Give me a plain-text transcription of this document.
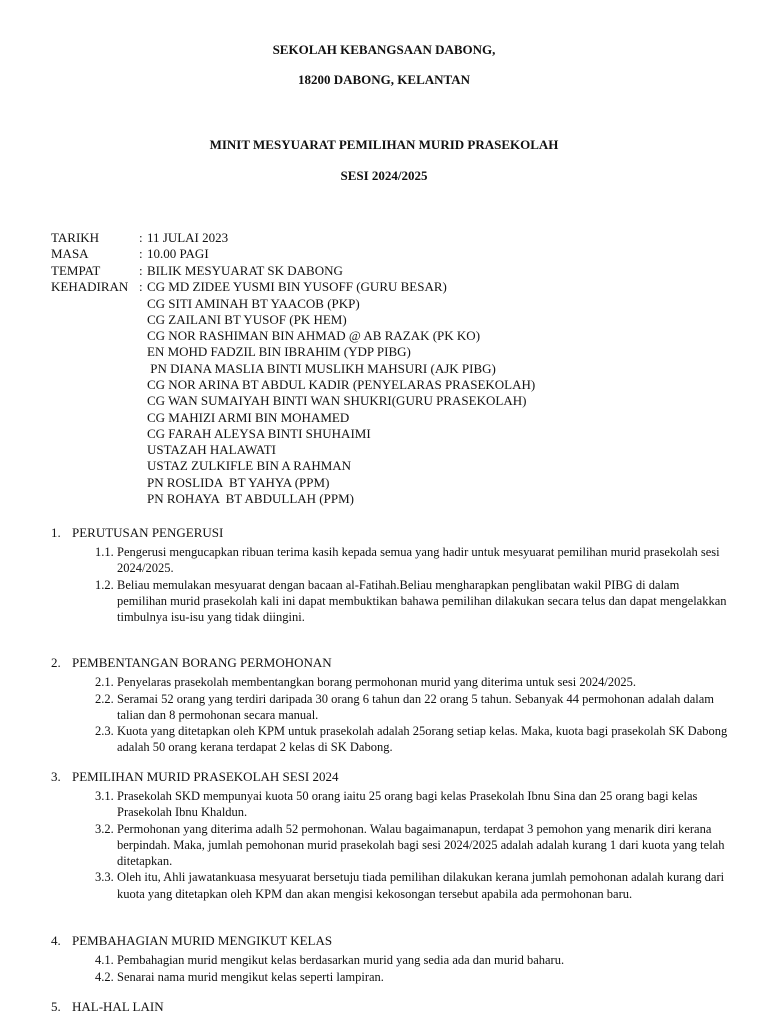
SEKOLAH KEBANGSAAN DABONG,
18200 DABONG, KELANTAN
MINIT MESYUARAT PEMILIHAN MURID PRASEKOLAH
SESI 2024/2025
TARIKH	: 11 JULAI 2023
MASA	: 10.00 PAGI
TEMPAT	: BILIK MESYUARAT SK DABONG
KEHADIRAN : CG MD ZIDEE YUSMI BIN YUSOFF (GURU BESAR)
CG SITI AMINAH BT YAACOB (PKP)
CG ZAILANI BT YUSOF (PK HEM)
CG NOR RASHIMAN BIN AHMAD @ AB RAZAK (PK KO)
EN MOHD FADZIL BIN IBRAHIM (YDP PIBG)
PN DIANA MASLIA BINTI MUSLIKH MAHSURI (AJK PIBG)
CG NOR ARINA BT ABDUL KADIR (PENYELARAS PRASEKOLAH)
CG WAN SUMAIYAH BINTI WAN SHUKRI(GURU PRASEKOLAH)
CG MAHIZI ARMI BIN MOHAMED
CG FARAH ALEYSA BINTI SHUHAIMI
USTAZAH HALAWATI
USTAZ ZULKIFLE BIN A RAHMAN
PN ROSLIDA  BT YAHYA (PPM)
PN ROHAYA  BT ABDULLAH (PPM)
1. PERUTUSAN PENGERUSI
1.1. Pengerusi mengucapkan ribuan terima kasih kepada semua yang hadir untuk mesyuarat pemilihan murid prasekolah sesi 2024/2025.
1.2. Beliau memulakan mesyuarat dengan bacaan al-Fatihah.Beliau mengharapkan penglibatan wakil PIBG di dalam pemilihan murid prasekolah kali ini dapat membuktikan bahawa pemilihan dilakukan secara telus dan dapat mengelakkan timbulnya isu-isu yang tidak diingini.
2. PEMBENTANGAN BORANG PERMOHONAN
2.1. Penyelaras prasekolah membentangkan borang permohonan murid yang diterima untuk sesi 2024/2025.
2.2. Seramai 52 orang yang terdiri daripada 30 orang 6 tahun dan 22 orang 5 tahun. Sebanyak 44 permohonan adalah dalam talian dan 8 permohonan secara manual.
2.3. Kuota yang ditetapkan oleh KPM untuk prasekolah adalah 25orang setiap kelas. Maka, kuota bagi prasekolah SK Dabong adalah 50 orang kerana terdapat 2 kelas di SK Dabong.
3. PEMILIHAN MURID PRASEKOLAH SESI 2024
3.1. Prasekolah SKD mempunyai kuota 50 orang iaitu 25 orang bagi kelas Prasekolah Ibnu Sina dan 25 orang bagi kelas Prasekolah Ibnu Khaldun.
3.2. Permohonan yang diterima adalh 52 permohonan. Walau bagaimanapun, terdapat 3 pemohon yang menarik diri kerana berpindah. Maka, jumlah pemohonan murid prasekolah bagi sesi 2024/2025 adalah adalah kurang 1 dari kuota yang telah ditetapkan.
3.3. Oleh itu, Ahli jawatankuasa mesyuarat bersetuju tiada pemilihan dilakukan kerana jumlah pemohonan adalah kurang dari kuota yang ditetapkan oleh KPM dan akan mengisi kekosongan tersebut apabila ada permohonan baru.
4. PEMBAHAGIAN MURID MENGIKUT KELAS
4.1. Pembahagian murid mengikut kelas berdasarkan murid yang sedia ada dan murid baharu.
4.2. Senarai nama murid mengikut kelas seperti lampiran.
5. HAL-HAL LAIN
